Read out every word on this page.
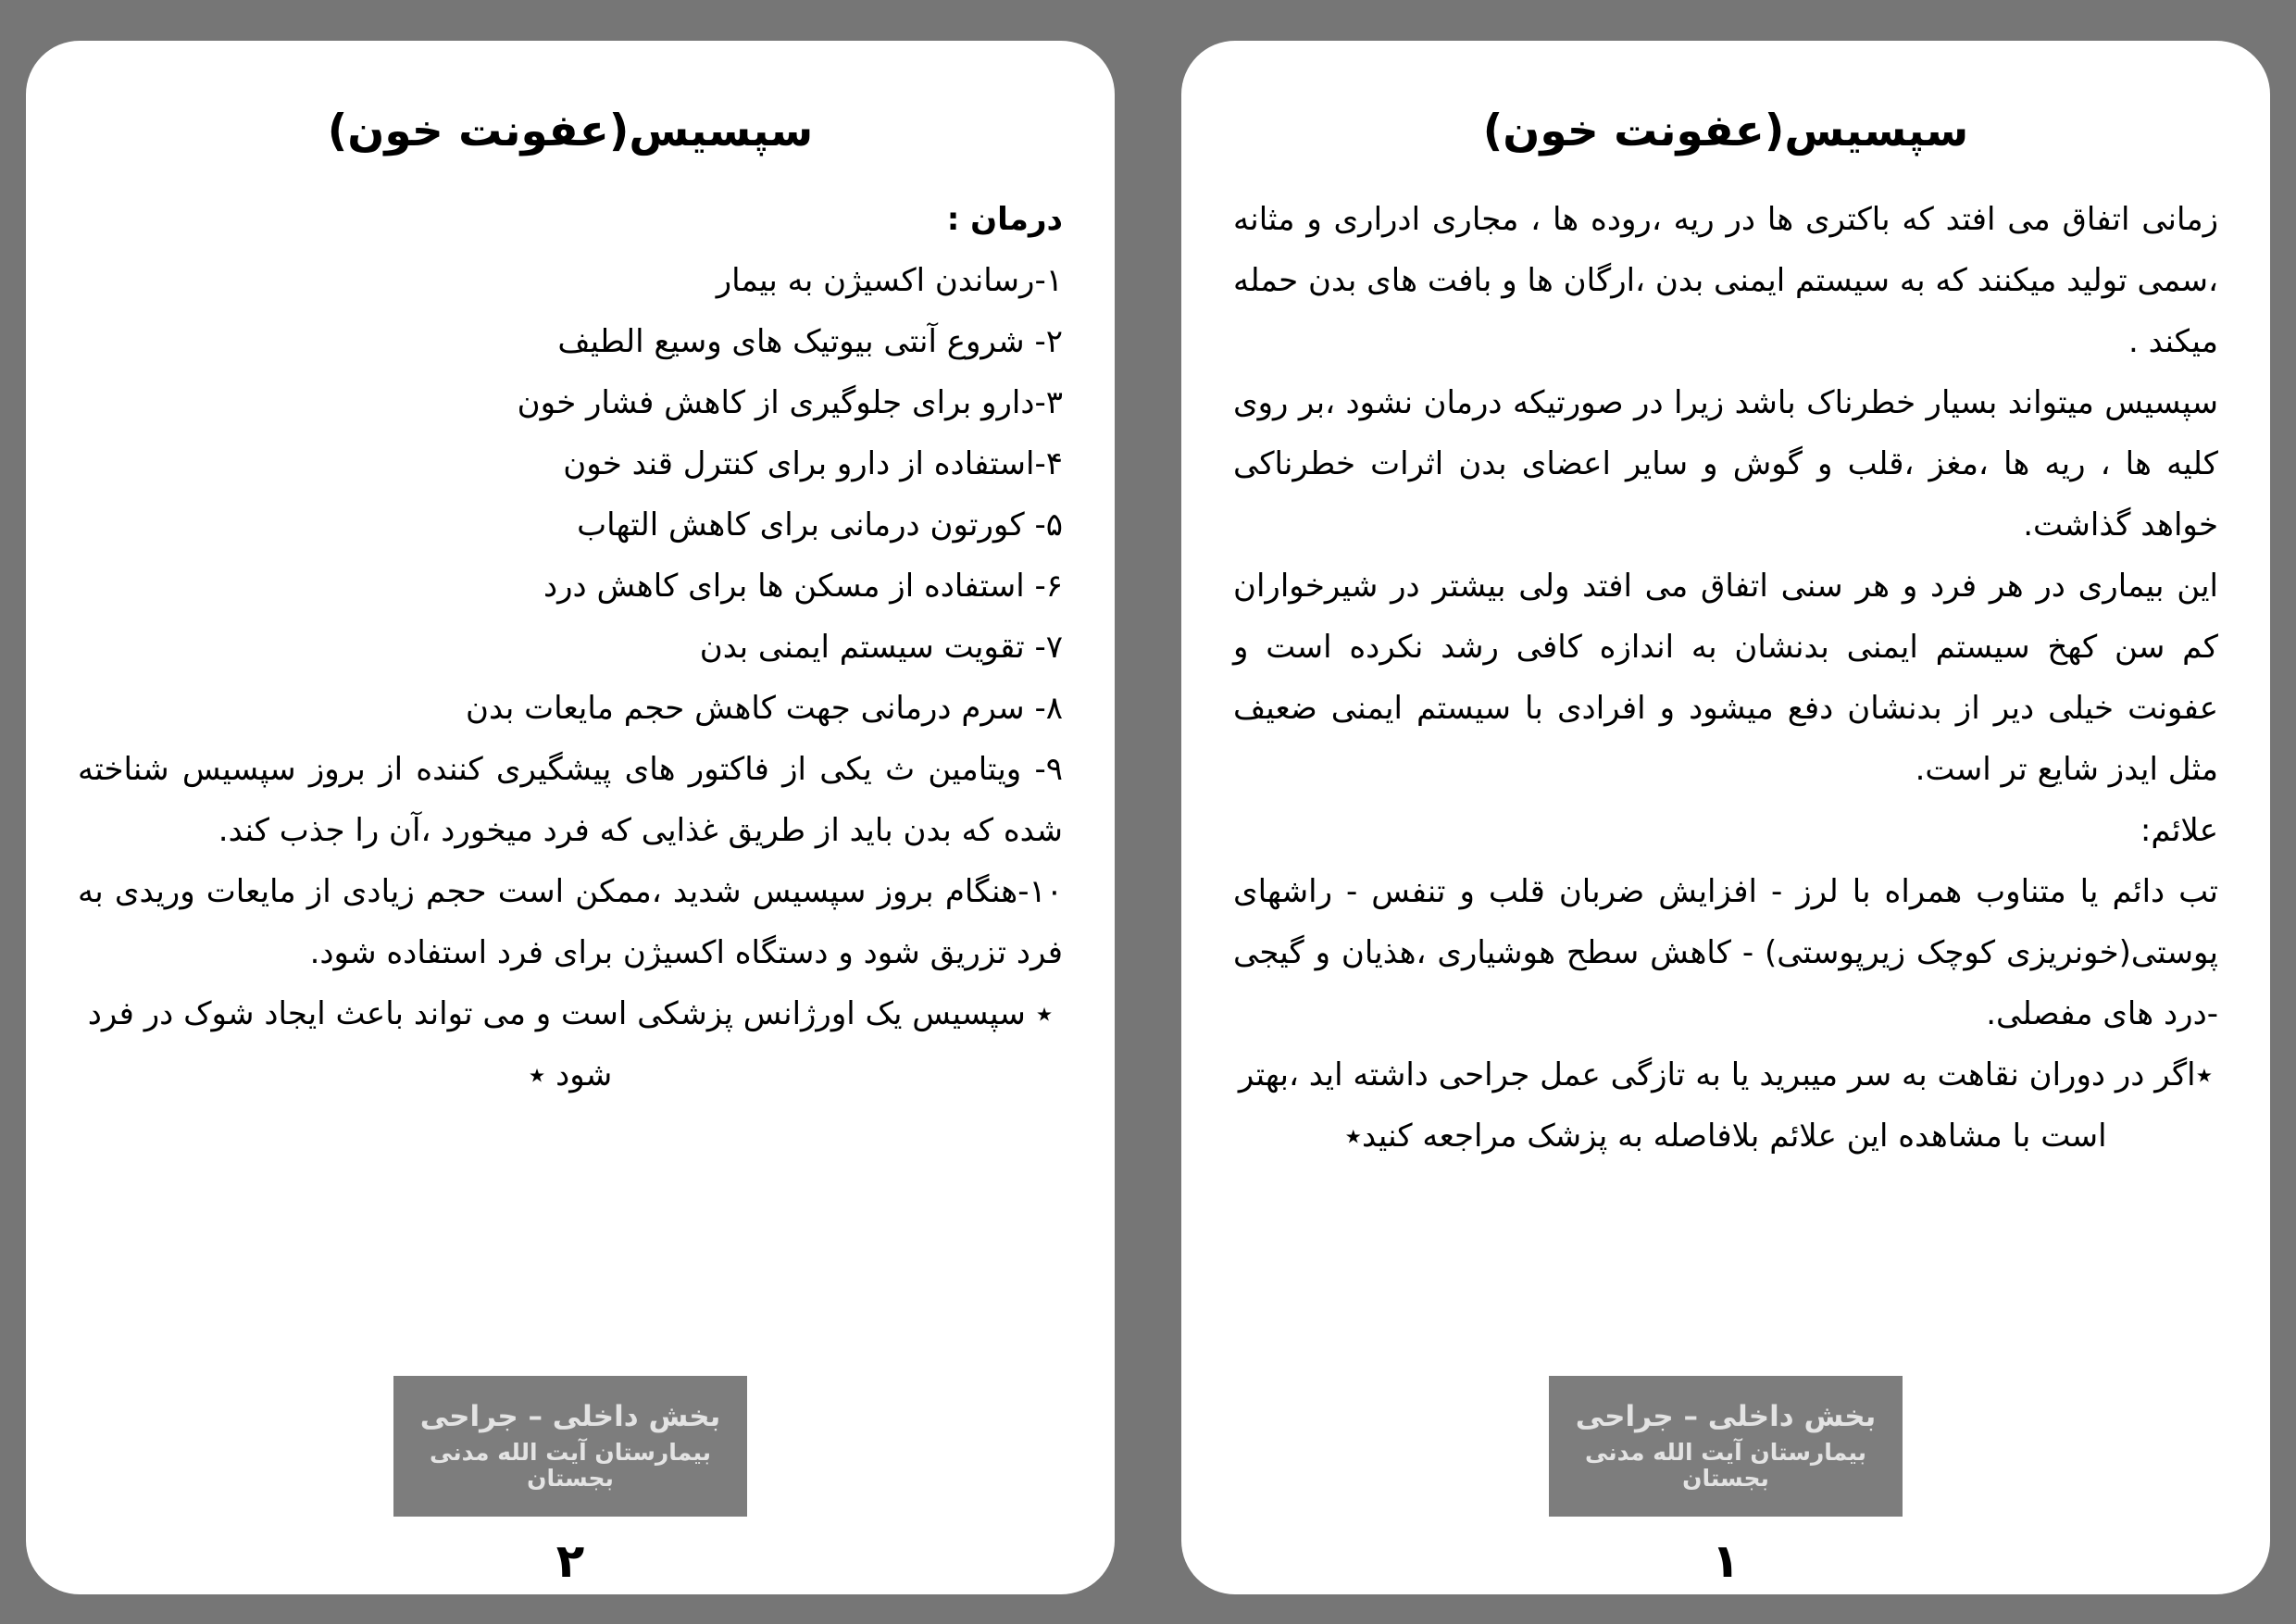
سپسیس(عفونت خون)

درمان :

۱-رساندن اکسیژن به بیمار

۲- شروع آنتی بیوتیک های وسیع الطیف

۳-دارو برای جلوگیری از کاهش فشار خون

۴-استفاده از دارو برای کنترل قند خون

۵- کورتون درمانی برای کاهش التهاب

۶- استفاده از مسکن ها برای کاهش درد

۷- تقویت سیستم ایمنی بدن

۸- سرم درمانی جهت کاهش حجم مایعات بدن

۹- ویتامین ث یکی از فاکتور های پیشگیری کننده از بروز سپسیس شناخته شده که بدن باید از طریق غذایی که فرد میخورد ،آن را جذب کند.

۱۰-هنگام بروز سپسیس شدید ،ممکن است حجم زیادی از مایعات وریدی به فرد تزریق شود و دستگاه اکسیژن برای فرد استفاده شود.

٭ سپسیس یک اورژانس پزشکی است و می تواند باعث ایجاد شوک در فرد شود ٭

بخش داخلی – جراحی
بیمارستان آیت الله مدنی بجستان
۲
سپسیس(عفونت خون)

زمانی اتفاق می افتد که باکتری ها در ریه ،روده ها ، مجاری ادراری و مثانه ،سمی تولید میکنند که به سیستم ایمنی بدن ،ارگان ها و بافت های بدن حمله میکند .

سپسیس میتواند بسیار خطرناک باشد زیرا در صورتیکه درمان نشود ،بر روی کلیه ها ، ریه ها ،مغز ،قلب و گوش و سایر اعضای بدن اثرات خطرناکی خواهد گذاشت.

این بیماری در هر فرد و هر سنی اتفاق می افتد ولی بیشتر در شیرخواران کم سن کهخ سیستم ایمنی بدنشان به اندازه کافی رشد نکرده است و عفونت خیلی دیر از بدنشان دفع میشود و افرادی با سیستم ایمنی ضعیف مثل ایدز شایع تر است.

علائم:

تب دائم یا متناوب همراه با لرز - افزایش ضربان قلب و تنفس - راشهای پوستی(خونریزی کوچک زیرپوستی) - کاهش سطح هوشیاری ،هذیان و گیجی -درد های مفصلی.

٭اگر در دوران نقاهت به سر میبرید یا به تازگی عمل جراحی داشته اید ،بهتر است با مشاهده این علائم بلافاصله به پزشک مراجعه کنید٭

بخش داخلی – جراحی
بیمارستان آیت الله مدنی بجستان
۱
